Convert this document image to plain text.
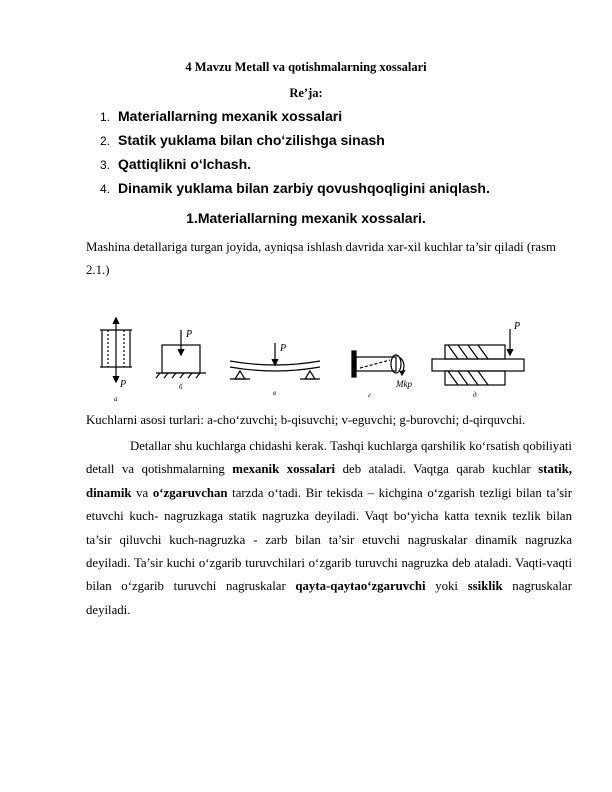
4 Mavzu Metall va qotishmalarning xossalari
Re’ja:
1. Materiallarning mexanik xossalari
2. Statik yuklama bilan cho‘zilishga sinash
3. Qattiqlikni o‘lchash.
4. Dinamik yuklama bilan zarbiy qovushqoqligini aniqlash.
1.Materiallarning mexanik xossalari.
Mashina detallariga turgan joyida, ayniqsa ishlash davrida xar-xil kuchlar ta’sir qiladi (rasm 2.1.)
P
a
P
б
P
в
Mkp
г
P
д
Kuchlarni asosi turlari: a-cho‘zuvchi; b-qisuvchi; v-eguvchi; g-burovchi; d-qirquvchi.
Detallar shu kuchlarga chidashi kerak. Tashqi kuchlarga qarshilik ko‘rsatish qobiliyati detall va qotishmalarning mexanik xossalari deb ataladi. Vaqtga qarab kuchlar statik, dinamik va o‘zgaruvchan tarzda o‘tadi. Bir tekisda – kichgina o‘zgarish tezligi bilan ta’sir etuvchi kuch- nagruzkaga statik nagruzka deyiladi. Vaqt bo‘yicha katta texnik tezlik bilan ta’sir qiluvchi kuch-nagruzka - zarb bilan ta’sir etuvchi nagruskalar dinamik nagruzka deyiladi. Ta’sir kuchi o‘zgarib turuvchilari o‘zgarib turuvchi nagruzka deb ataladi. Vaqti-vaqti bilan o‘zgarib turuvchi nagruskalar qayta-qaytao‘zgaruvchi yoki ssiklik nagruskalar deyiladi.
